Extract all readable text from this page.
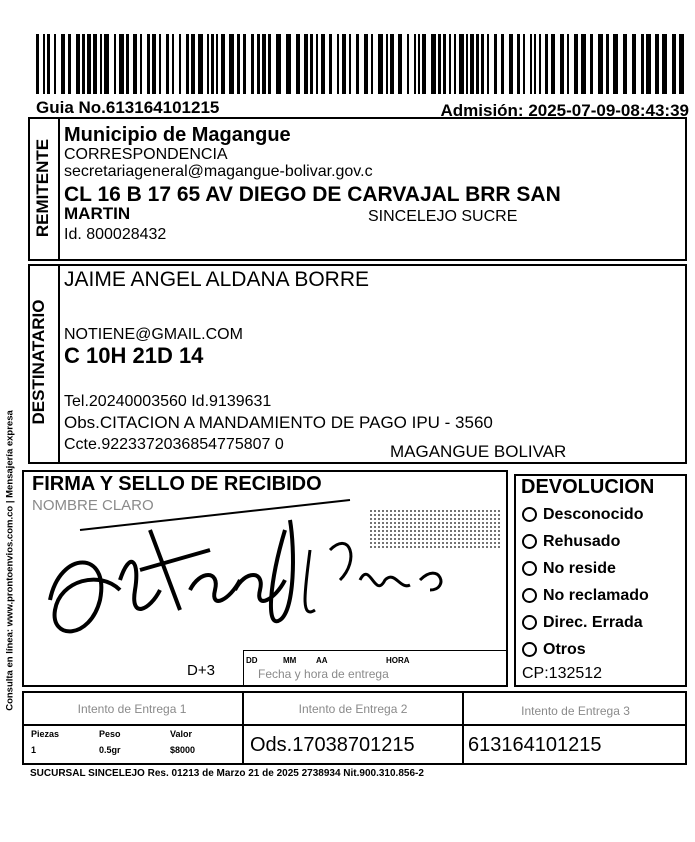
Guia No.613164101215	Admisión: 2025-07-09-08:43:39
Consulta en línea: www.prontoenvios.com.co | Mensajería expresa
REMITENTE
Municipio de Magangue
CORRESPONDENCIA
secretariageneral@magangue-bolivar.gov.c
CL 16 B 17 65 AV DIEGO DE CARVAJAL BRR SAN
MARTIN	SINCELEJO SUCRE
Id. 800028432
DESTINATARIO
JAIME ANGEL ALDANA BORRE
NOTIENE@GMAIL.COM
C 10H 21D 14
Tel.20240003560 Id.9139631
Obs.CITACION A MANDAMIENTO DE PAGO IPU - 3560
Ccte.9223372036854775807 0	MAGANGUE BOLIVAR
FIRMA Y SELLO DE RECIBIDO
NOMBRE CLARO
D+3
DD	MM AA	HORA
Fecha y hora de entrega
DEVOLUCION
Desconocido
Rehusado
No reside
No reclamado
Direc. Errada
Otros
CP:132512
Intento de Entrega 1	Intento de Entrega 2	Intento de Entrega 3
Piezas	Peso	Valor
1	0.5gr	$8000	Ods.17038701215	613164101215
SUCURSAL SINCELEJO Res. 01213 de Marzo 21 de 2025 2738934 Nit.900.310.856-2
